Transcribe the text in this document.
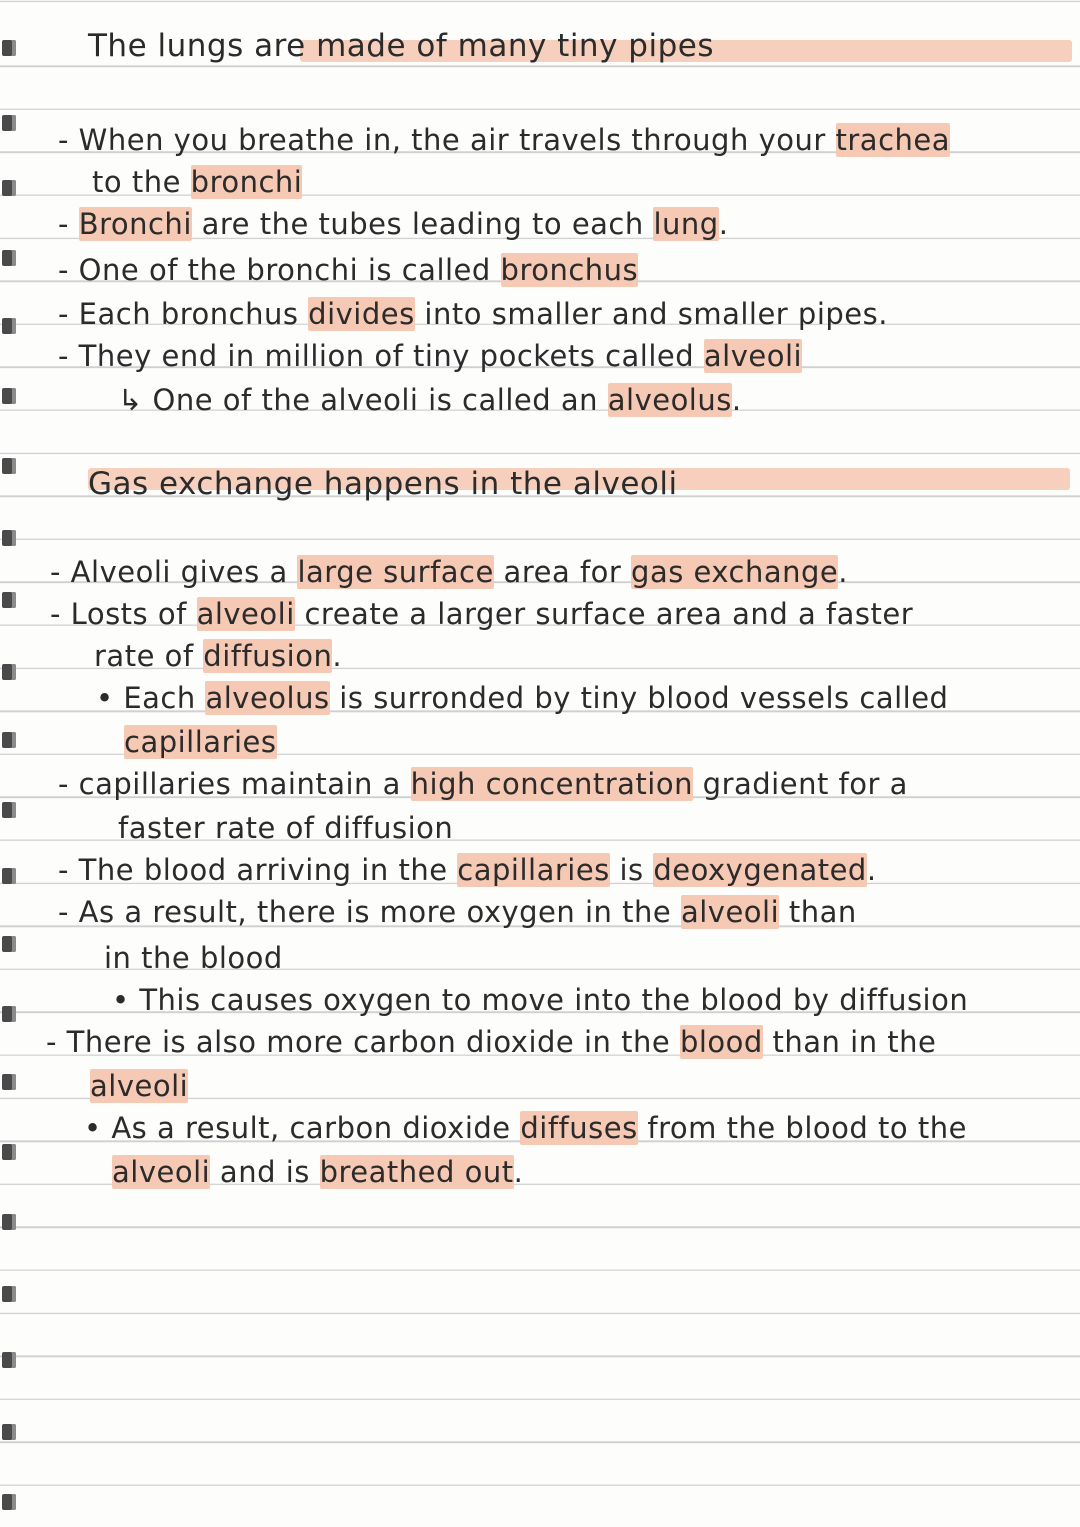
The lungs are made of many tiny pipes

- When you breathe in, the air travels through your trachea

to the bronchi

- Bronchi are the tubes leading to each lung.

- One of the bronchi is called bronchus

- Each bronchus divides into smaller and smaller pipes.

- They end in million of tiny pockets called alveoli

↳ One of the alveoli is called an alveolus.

Gas exchange happens in the alveoli

- Alveoli gives a large surface area for gas exchange.

- Losts of alveoli create a larger surface area and a faster

rate of diffusion.

• Each alveolus is surronded by tiny blood vessels called

capillaries

- capillaries maintain a high concentration gradient for a

faster rate of diffusion

- The blood arriving in the capillaries is deoxygenated.

- As a result, there is more oxygen in the alveoli than

in the blood

• This causes oxygen to move into the blood by diffusion

- There is also more carbon dioxide in the blood than in the

alveoli

• As a result, carbon dioxide diffuses from the blood to the

alveoli and is breathed out.
